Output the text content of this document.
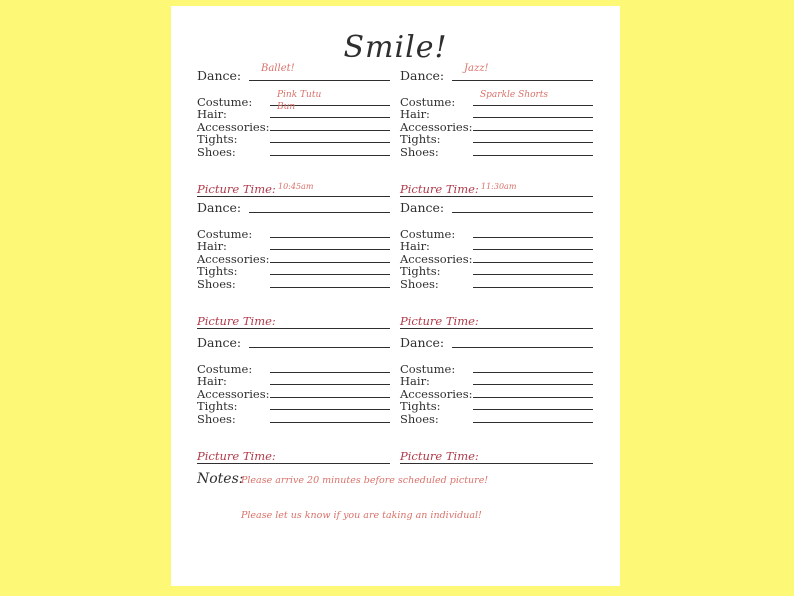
Smile!
Dance: Ballet!
Costume:	Pink Tutu
Hair:	Bun
Accessories:
Tights:
Shoes:
Picture Time: 10:45am
Dance: Jazz!
Costume:	Sparkle Shorts
Hair:
Accessories:
Tights:
Shoes:
Picture Time: 11:30am
Dance:
Costume:
Hair:
Accessories:
Tights:
Shoes:
Picture Time:
Dance:
Costume:
Hair:
Accessories:
Tights:
Shoes:
Picture Time:
Dance:
Costume:
Hair:
Accessories:
Tights:
Shoes:
Picture Time:
Dance:
Costume:
Hair:
Accessories:
Tights:
Shoes:
Picture Time:
Notes:
Please arrive 20 minutes before scheduled picture!
Please let us know if you are taking an individual!
